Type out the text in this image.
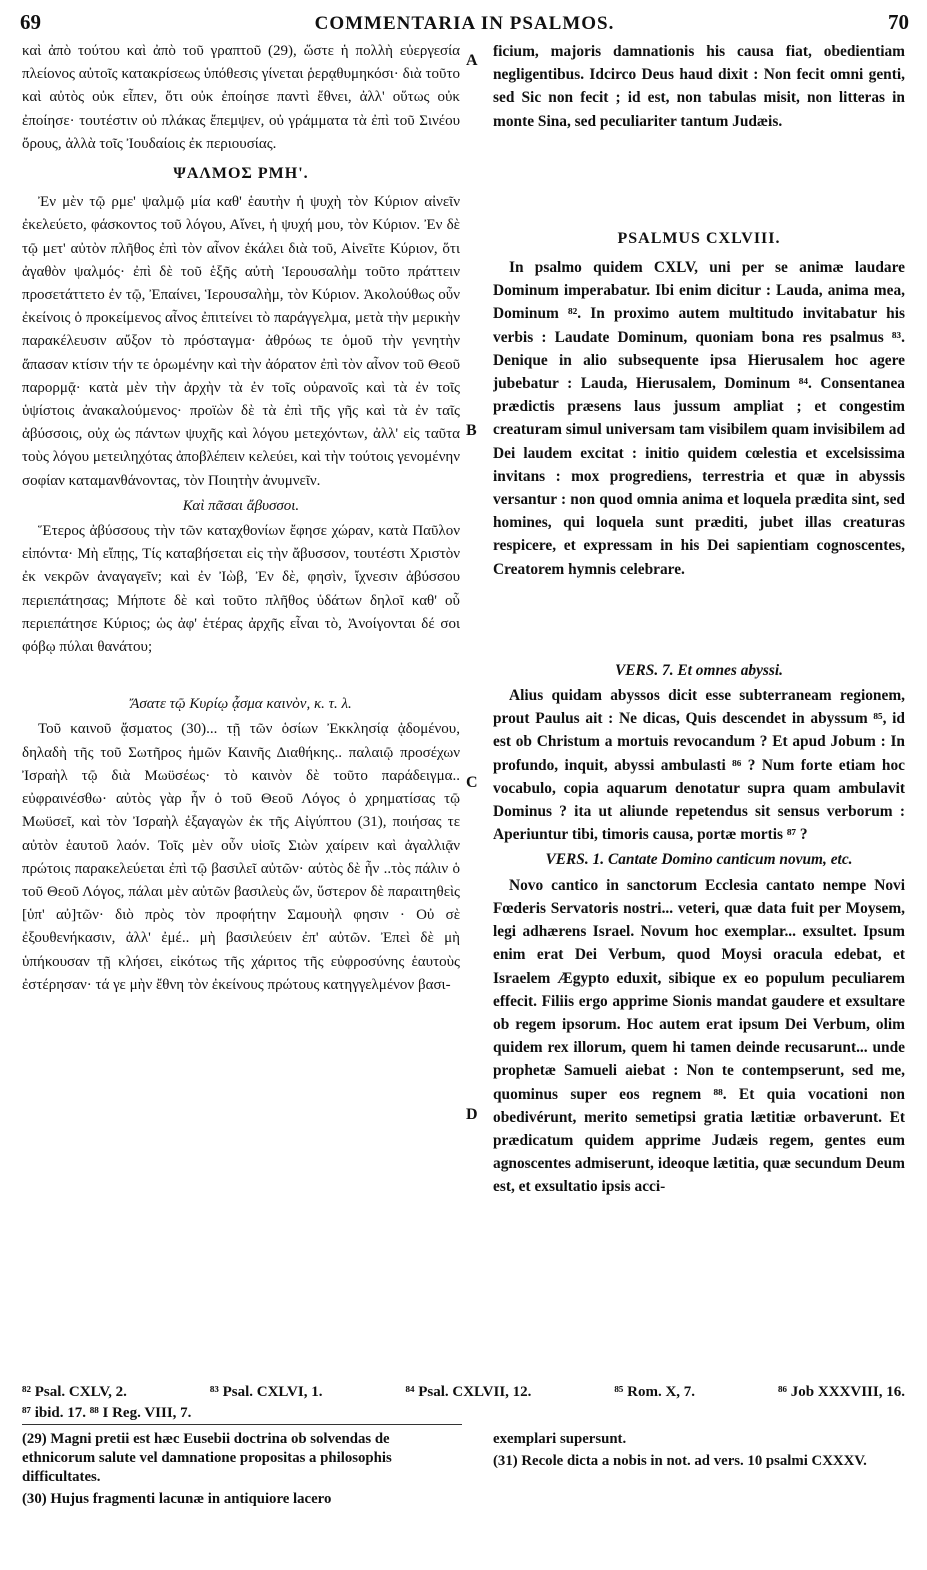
69	COMMENTARIA IN PSALMOS.	70

καὶ ἀπὸ τούτου καὶ ἀπὸ τοῦ γραπτοῦ (29), ὥστε ἡ πολλὴ εὐεργεσία πλείονος αὐτοῖς κατακρίσεως ὑπόθεσις γίνεται ῥερᾳθυμηκόσι· διὰ τοῦτο καὶ αὐτὸς οὐκ εἶπεν, ὅτι οὐκ ἐποίησε παντὶ ἔθνει, ἀλλ' οὕτως οὐκ ἐποίησε· τουτέστιν οὐ πλάκας ἔπεμψεν, οὐ γράμματα τὰ ἐπὶ τοῦ Σινέου ὄρους, ἀλλὰ τοῖς Ἰουδαίοις ἐκ περιουσίας.

ΨΑΛΜΟΣ ΡΜΗ'.

Ἐν μὲν τῷ ρμε' ψαλμῷ μία καθ' ἑαυτὴν ἡ ψυχὴ τὸν Κύριον αἰνεῖν ἐκελεύετο, φάσκοντος τοῦ λόγου, Αἴνει, ἡ ψυχή μου, τὸν Κύριον. Ἐν δὲ τῷ μετ' αὐτὸν πλῆθος ἐπὶ τὸν αἶνον ἐκάλει διὰ τοῦ, Αἰνεῖτε Κύριον, ὅτι ἀγαθὸν ψαλμός· ἐπὶ δὲ τοῦ ἑξῆς αὐτὴ Ἱερουσαλὴμ τοῦτο πράττειν προσετάττετο ἐν τῷ, Ἐπαίνει, Ἱερουσαλὴμ, τὸν Κύριον. Ἀκολούθως οὖν ἐκείνοις ὁ προκείμενος αἶνος ἐπιτείνει τὸ παράγγελμα, μετὰ τὴν μερικὴν παρακέλευσιν αὔξον τὸ πρόσταγμα· ἀθρόως τε ὁμοῦ τὴν γενητὴν ἅπασαν κτίσιν τήν τε ὁρωμένην καὶ τὴν ἀόρατον ἐπὶ τὸν αἶνον τοῦ Θεοῦ παρορμᾷ· κατὰ μὲν τὴν ἀρχὴν τὰ ἐν τοῖς οὐρανοῖς καὶ τὰ ἐν τοῖς ὑψίστοις ἀνακαλούμενος· προϊὼν δὲ τὰ ἐπὶ τῆς γῆς καὶ τὰ ἐν ταῖς ἀβύσσοις, οὐχ ὡς πάντων ψυχῆς καὶ λόγου μετεχόντων, ἀλλ' εἰς ταῦτα τοὺς λόγου μετειληχότας ἀποβλέπειν κελεύει, καὶ τὴν τούτοις γενομένην σοφίαν καταμανθάνοντας, τὸν Ποιητὴν ἀνυμνεῖν.

Καὶ πᾶσαι ἄβυσσοι.

Ἕτερος ἀβύσσους τὴν τῶν καταχθονίων ἔφησε χώραν, κατὰ Παῦλον εἰπόντα· Μὴ εἴπῃς, Τίς καταβήσεται εἰς τὴν ἄβυσσον, τουτέστι Χριστὸν ἐκ νεκρῶν ἀναγαγεῖν; καὶ ἐν Ἰὼβ, Ἐν δὲ, φησὶν, ἴχνεσιν ἀβύσσου περιεπάτησας; Μήποτε δὲ καὶ τοῦτο πλῆθος ὑδάτων δηλοῖ καθ' οὗ περιεπάτησε Κύριος; ὡς ἀφ' ἑτέρας ἀρχῆς εἶναι τὸ, Ἀνοίγονται δέ σοι φόβῳ πύλαι θανάτου;

Ἄσατε τῷ Κυρίῳ ᾆσμα καινὸν, κ. τ. λ.

Τοῦ καινοῦ ᾄσματος (30)... τῇ τῶν ὁσίων Ἐκκλησίᾳ ᾀδομένου, δηλαδὴ τῆς τοῦ Σωτῆρος ἡμῶν Καινῆς Διαθήκης.. παλαιῷ προσέχων Ἰσραὴλ τῷ διὰ Μωϋσέως· τὸ καινὸν δὲ τοῦτο παράδειγμα.. εὐφραινέσθω· αὐτὸς γὰρ ἦν ὁ τοῦ Θεοῦ Λόγος ὁ χρηματίσας τῷ Μωϋσεῖ, καὶ τὸν Ἰσραὴλ ἐξαγαγὼν ἐκ τῆς Αἰγύπτου (31), ποιήσας τε αὐτὸν ἑαυτοῦ λαόν. Τοῖς μὲν οὖν υἱοῖς Σιὼν χαίρειν καὶ ἀγαλλιᾷν πρώτοις παρακελεύεται ἐπὶ τῷ βασιλεῖ αὐτῶν· αὐτὸς δὲ ἦν ..τὸς πάλιν ὁ τοῦ Θεοῦ Λόγος, πάλαι μὲν αὐτῶν βασιλεὺς ὤν, ὕστερον δὲ παραιτηθεὶς [ὑπ' αὐ]τῶν· διὸ πρὸς τὸν προφήτην Σαμουὴλ φησιν · Οὐ σὲ ἐξουθενήκασιν, ἀλλ' ἐμέ.. μὴ βασιλεύειν ἐπ' αὐτῶν. Ἐπεὶ δὲ μὴ ὑπήκουσαν τῇ κλήσει, εἰκότως τῆς χάριτος τῆς εὐφροσύνης ἑαυτοὺς ἐστέρησαν· τά γε μὴν ἔθνη τὸν ἐκείνους πρώτους κατηγγελμένον βασι-

A
B
C
D

ficium, majoris damnationis his causa fiat, obedientiam negligentibus. Idcirco Deus haud dixit : Non fecit omni genti, sed Sic non fecit ; id est, non tabulas misit, non litteras in monte Sina, sed peculiariter tantum Judæis.

PSALMUS CXLVIII.

In psalmo quidem CXLV, uni per se animæ laudare Dominum imperabatur. Ibi enim dicitur : Lauda, anima mea, Dominum ⁸². In proximo autem multitudo invitabatur his verbis : Laudate Dominum, quoniam bona res psalmus ⁸³. Denique in alio subsequente ipsa Hierusalem hoc agere jubebatur : Lauda, Hierusalem, Dominum ⁸⁴. Consentanea prædictis præsens laus jussum ampliat ; et congestim creaturam simul universam tam visibilem quam invisibilem ad Dei laudem excitat : initio quidem cœlestia et excelsissima invitans : mox progrediens, terrestria et quæ in abyssis versantur : non quod omnia anima et loquela prædita sint, sed homines, qui loquela sunt præditi, jubet illas creaturas respicere, et expressam in his Dei sapientiam cognoscentes, Creatorem hymnis celebrare.

VERS. 7. Et omnes abyssi.

Alius quidam abyssos dicit esse subterraneam regionem, prout Paulus ait : Ne dicas, Quis descendet in abyssum ⁸⁵, id est ob Christum a mortuis revocandum ? Et apud Jobum : In profundo, inquit, abyssi ambulasti ⁸⁶ ? Num forte etiam hoc vocabulo, copia aquarum denotatur supra quam ambulavit Dominus ? ita ut aliunde repetendus sit sensus verborum : Aperiuntur tibi, timoris causa, portæ mortis ⁸⁷ ?

VERS. 1. Cantate Domino canticum novum, etc.

Novo cantico in sanctorum Ecclesia cantato nempe Novi Fœderis Servatoris nostri... veteri, quæ data fuit per Moysem, legi adhærens Israel. Novum hoc exemplar... exsultet. Ipsum enim erat Dei Verbum, quod Moysi oracula edebat, et Israelem Ægypto eduxit, sibique ex eo populum peculiarem effecit. Filiis ergo apprime Sionis mandat gaudere et exsultare ob regem ipsorum. Hoc autem erat ipsum Dei Verbum, olim quidem rex illorum, quem hi tamen deinde recusarunt... unde prophetæ Samueli aiebat : Non te contempserunt, sed me, quominus super eos regnem ⁸⁸. Et quia vocationi non obedivérunt, merito semetipsi gratia lætitiæ orbaverunt. Et prædicatum quidem apprime Judæis regem, gentes eum agnoscentes admiserunt, ideoque lætitia, quæ secundum Deum est, et exsultatio ipsis acci-

⁸² Psal. CXLV, 2.	⁸³ Psal. CXLVI, 1.	⁸⁴ Psal. CXLVII, 12.	⁸⁵ Rom. X, 7.	⁸⁶ Job XXXVIII, 16.
⁸⁷ ibid. 17. ⁸⁸ I Reg. VIII, 7.

(29) Magni pretii est hæc Eusebii doctrina ob solvendas de ethnicorum salute vel damnatione propositas a philosophis difficultates.

(30) Hujus fragmenti lacunæ in antiquiore lacero

exemplari supersunt.

(31) Recole dicta a nobis in not. ad vers. 10 psalmi CXXXV.
